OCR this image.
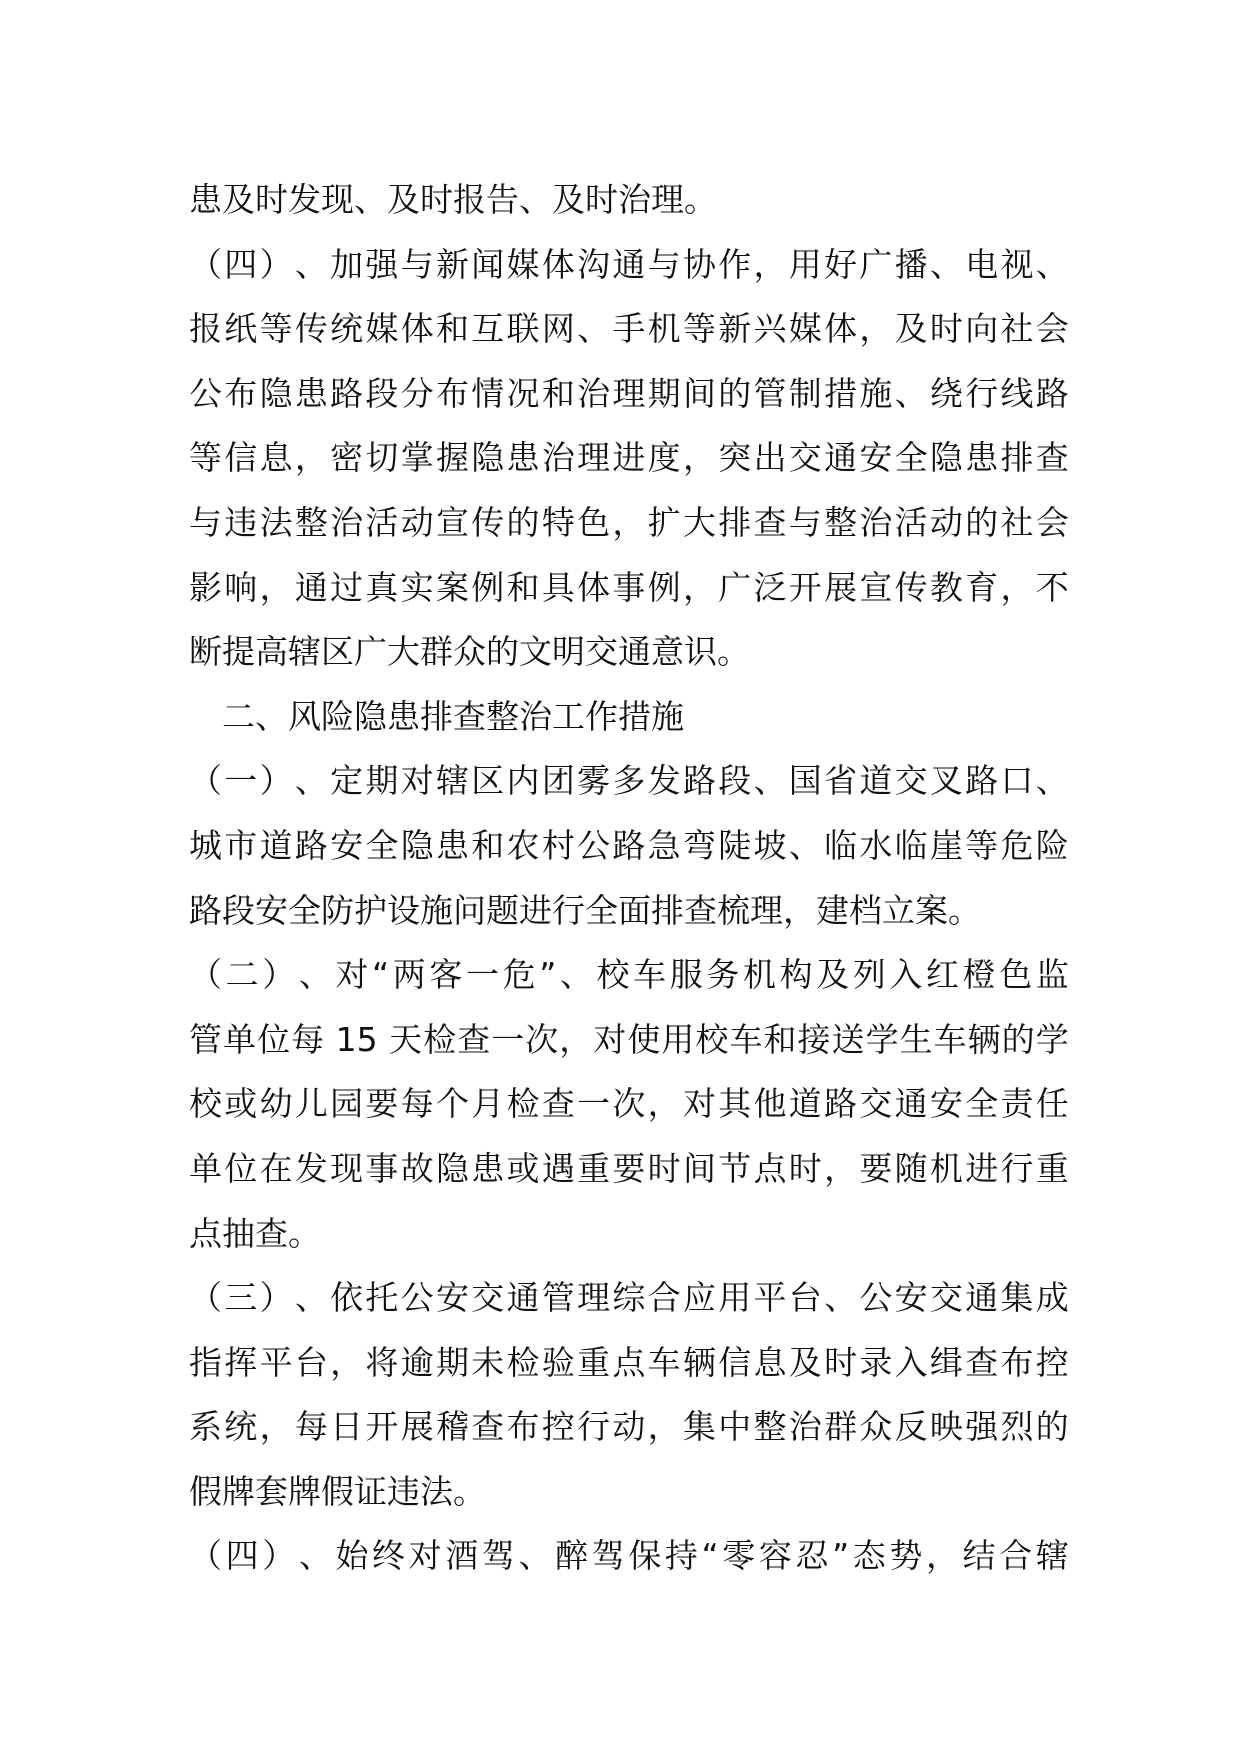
患及时发现、及时报告、及时治理。
（ 四 ） 、 加 强 与 新 闻 媒 体 沟 通 与 协 作 ， 用 好 广 播 、 电 视 、
报 纸 等 传 统 媒 体 和 互 联 网 、 手 机 等 新 兴 媒 体 ， 及 时 向 社 会
公 布 隐 患 路 段 分 布 情 况 和 治 理 期 间 的 管 制 措 施 、 绕 行 线 路
等 信 息 ， 密 切 掌 握 隐 患 治 理 进 度 ， 突 出 交 通 安 全 隐 患 排 查
与 违 法 整 治 活 动 宣 传 的 特 色 ， 扩 大 排 查 与 整 治 活 动 的 社 会
影 响 ， 通 过 真 实 案 例 和 具 体 事 例 ， 广 泛 开 展 宣 传 教 育 ， 不
断提高辖区广大群众的文明交通意识。
二、风险隐患排查整治工作措施
（ 一 ） 、 定 期 对 辖 区 内 团 雾 多 发 路 段 、 国 省 道 交 叉 路 口 、
城 市 道 路 安 全 隐 患 和 农 村 公 路 急 弯 陡 坡 、 临 水 临 崖 等 危 险
路段安全防护设施问题进行全面排查梳理，建档立案。
（ 二 ） 、 对 “ 两 客 一 危 ” 、 校 车 服 务 机 构 及 列 入 红 橙 色 监
管 单 位 每 15 天 检 查 一 次 ， 对 使 用 校 车 和 接 送 学 生 车 辆 的 学
校 或 幼 儿 园 要 每 个 月 检 查 一 次 ， 对 其 他 道 路 交 通 安 全 责 任
单 位 在 发 现 事 故 隐 患 或 遇 重 要 时 间 节 点 时 ， 要 随 机 进 行 重
点抽查。
（ 三 ） 、 依 托 公 安 交 通 管 理 综 合 应 用 平 台 、 公 安 交 通 集 成
指 挥 平 台 ， 将 逾 期 未 检 验 重 点 车 辆 信 息 及 时 录 入 缉 查 布 控
系 统 ， 每 日 开 展 稽 查 布 控 行 动 ， 集 中 整 治 群 众 反 映 强 烈 的
假牌套牌假证违法。
（ 四 ） 、 始 终 对 酒 驾 、 醉 驾 保 持 “ 零 容 忍 ” 态 势 ， 结 合 辖
